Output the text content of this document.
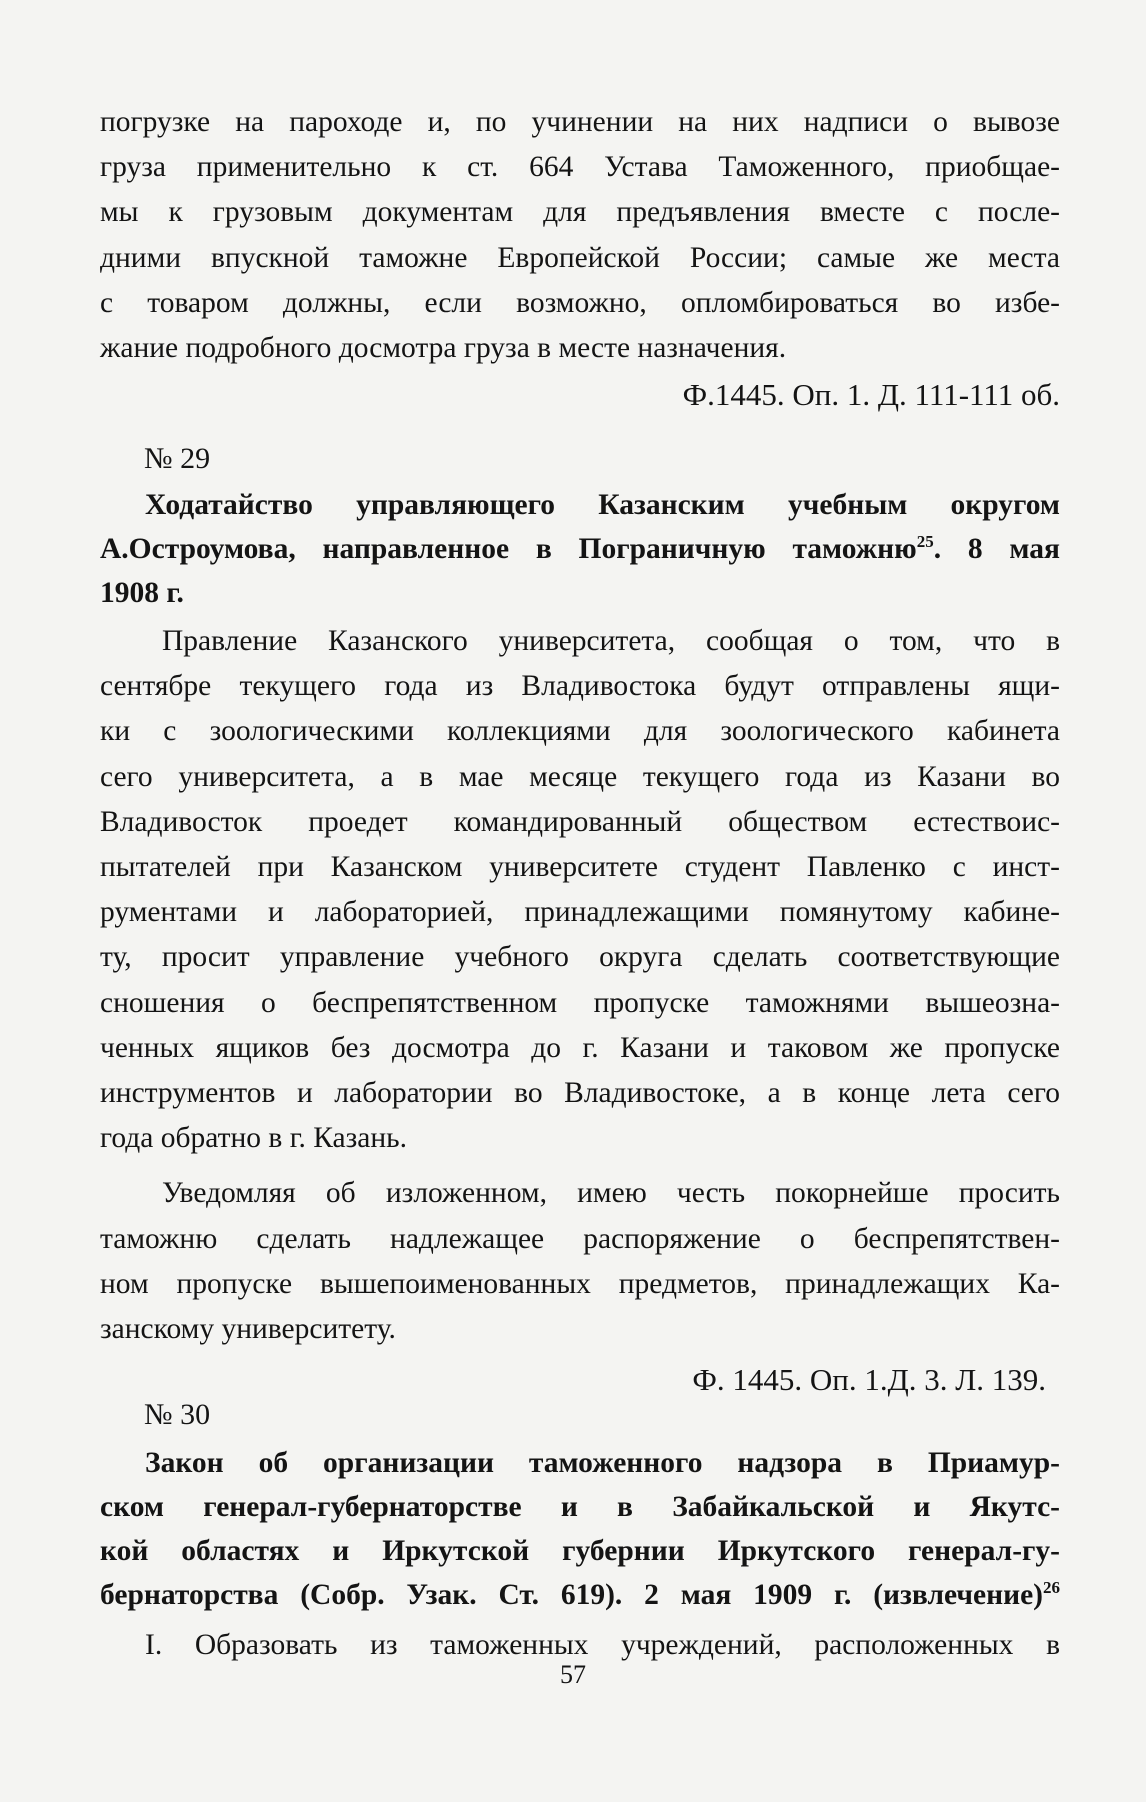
погрузке на пароходе и, по учинении на них надписи о вывозе
груза применительно к ст. 664 Устава Таможенного, приобщае-
мы к грузовым документам для предъявления вместе с после-
дними впускной таможне Европейской России; самые же места
с товаром должны, если возможно, опломбироваться во избе-
жание подробного досмотра груза в месте назначения.

Ф.1445. Оп. 1. Д. 111-111 об.
№ 29
Ходатайство управляющего Казанским учебным округом
А.Остроумова, направленное в Пограничную таможню$^{25}$. 8 мая
1908 г.

Правление Казанского университета, сообщая о том, что в
сентябре текущего года из Владивостока будут отправлены ящи-
ки с зоологическими коллекциями для зоологического кабинета
сего университета, а в мае месяце текущего года из Казани во
Владивосток проедет командированный обществом естествоис-
пытателей при Казанском университете студент Павленко с инст-
рументами и лабораторией, принадлежащими помянутому кабине-
ту, просит управление учебного округа сделать соответствующие
сношения о беспрепятственном пропуске таможнями вышеозна-
ченных ящиков без досмотра до г. Казани и таковом же пропуске
инструментов и лаборатории во Владивостоке, а в конце лета сего
года обратно в г. Казань.

Уведомляя об изложенном, имею честь покорнейше просить
таможню сделать надлежащее распоряжение о беспрепятствен-
ном пропуске вышепоименованных предметов, принадлежащих Ка-
занскому университету.

Ф. 1445. Оп. 1.Д. 3. Л. 139.
№ 30
Закон об организации таможенного надзора в Приамур-
ском генерал-губернаторстве и в Забайкальской и Якутс-
кой областях и Иркутской губернии Иркутского генерал-гу-
бернаторства (Собр. Узак. Ст. 619). 2 мая 1909 г. (извлечение)$^{26}$

I. Образовать из таможенных учреждений, расположенных в

57
